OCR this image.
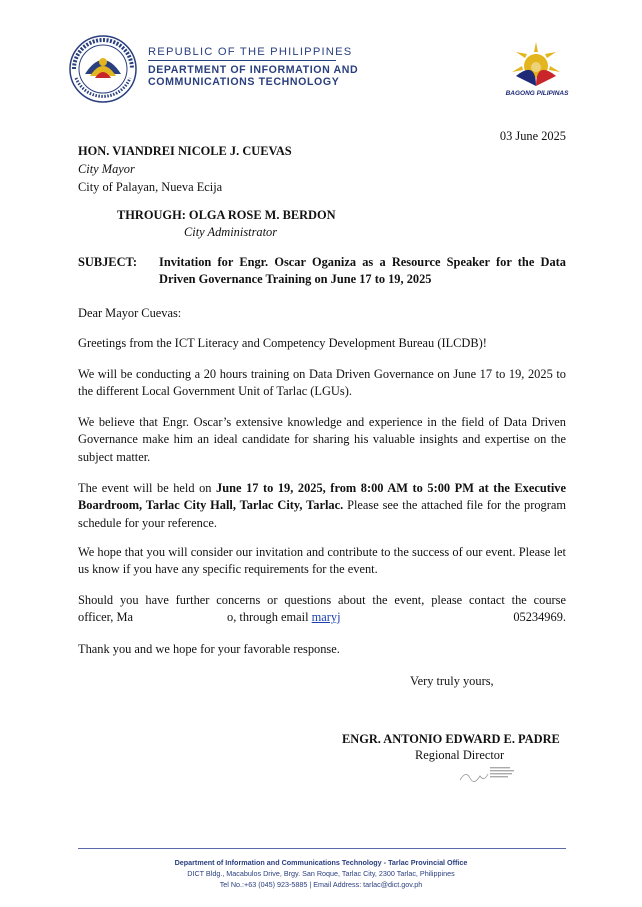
REPUBLIC OF THE PHILIPPINES
DEPARTMENT OF INFORMATION AND
COMMUNICATIONS TECHNOLOGY
BAGONG PILIPINAS
03 June 2025
HON. VIANDREI NICOLE J. CUEVAS
City Mayor
City of Palayan, Nueva Ecija
THROUGH: OLGA ROSE M. BERDON
City Administrator
SUBJECT: Invitation for Engr. Oscar Oganiza as a Resource Speaker for the Data
Driven Governance Training on June 17 to 19, 2025
Dear Mayor Cuevas:
Greetings from the ICT Literacy and Competency Development Bureau (ILCDB)!
We will be conducting a 20 hours training on Data Driven Governance on June 17 to 19, 2025 to the different Local Government Unit of Tarlac (LGUs).
We believe that Engr. Oscar’s extensive knowledge and experience in the field of Data Driven Governance make him an ideal candidate for sharing his valuable insights and expertise on the subject matter.
The event will be held on June 17 to 19, 2025, from 8:00 AM to 5:00 PM at the Executive Boardroom, Tarlac City Hall, Tarlac City, Tarlac. Please see the attached file for the program schedule for your reference.
We hope that you will consider our invitation and contribute to the success of our event. Please let us know if you have any specific requirements for the event.
Should you have further concerns or questions about the event, please contact the course
officer, Ma	o, through email maryj	05234969.
Thank you and we hope for your favorable response.
Very truly yours,
ENGR. ANTONIO EDWARD E. PADRE
Regional Director
Department of Information and Communications Technology - Tarlac Provincial Office
DICT Bldg., Macabulos Drive, Brgy. San Roque, Tarlac City, 2300 Tarlac, Philippines
Tel No.:+63 (045) 923-5885 | Email Address: tarlac@dict.gov.ph
